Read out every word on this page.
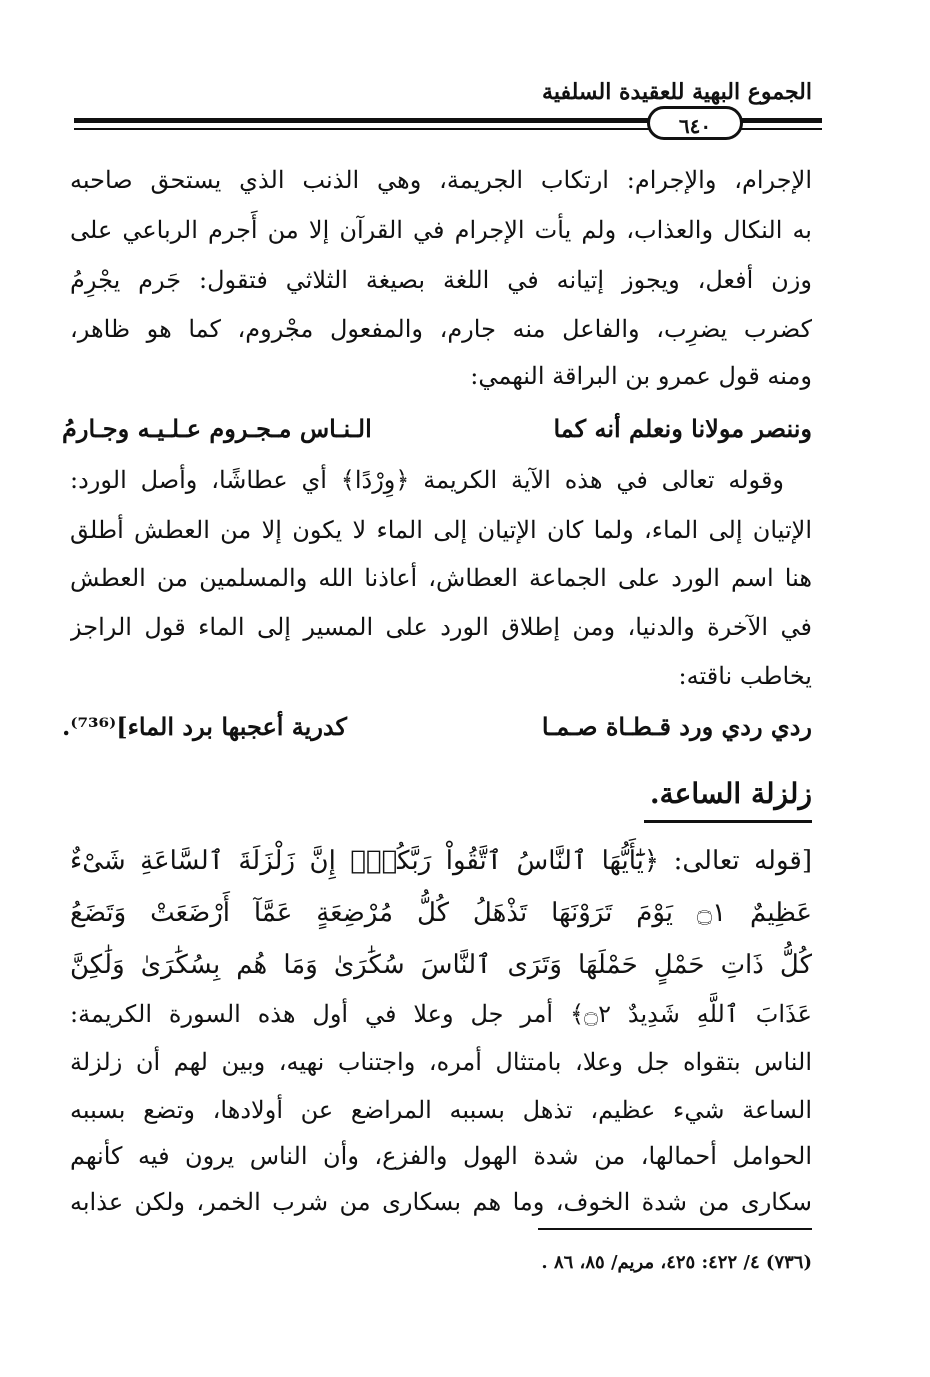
الجموع البهية للعقيدة السلفية
٦٤٠
الإجرام، والإجرام: ارتكاب الجريمة، وهي الذنب الذي يستحق صاحبه
به النكال والعذاب، ولم يأت الإجرام في القرآن إلا من أَجرم الرباعي على
وزن أفعل، ويجوز إتيانه في اللغة بصيغة الثلاثي فتقول: جَرم يجْرِمُ
كضرب يضرِب، والفاعل منه جارم، والمفعول مجْروم، كما هو ظاهر،
ومنه قول عمرو بن البراقة النهمي:
وننصر مولانا ونعلم أنه كما
الـنـاس مـجـروم عـلـيـه وجـارمُ
وقوله تعالى في هذه الآية الكريمة ﴿وِرْدًا﴾ أي عطاشًا، وأصل الورد:
الإتيان إلى الماء، ولما كان الإتيان إلى الماء لا يكون إلا من العطش أطلق
هنا اسم الورد على الجماعة العطاش، أعاذنا الله والمسلمين من العطش
في الآخرة والدنيا، ومن إطلاق الورد على المسير إلى الماء قول الراجز
يخاطب ناقته:
ردي ردي ورد قـطـاة صـمـا
كدرية أعجبها برد الماء]⁽⁷³⁶⁾.
زلزلة الساعة.
[قوله تعالى: ﴿يَٰٓأَيُّهَا ٱلنَّاسُ ٱتَّقُواْ رَبَّكُمْۚ إِنَّ زَلْزَلَةَ ٱلسَّاعَةِ شَىْءٌ
عَظِيمٌ ۝١ يَوْمَ تَرَوْنَهَا تَذْهَلُ كُلُّ مُرْضِعَةٍ عَمَّآ أَرْضَعَتْ وَتَضَعُ
كُلُّ ذَاتِ حَمْلٍ حَمْلَهَا وَتَرَى ٱلنَّاسَ سُكَٰرَىٰ وَمَا هُم بِسُكَٰرَىٰ وَلَٰكِنَّ
عَذَابَ ٱللَّهِ شَدِيدٌ ۝٢﴾ أمر جل وعلا في أول هذه السورة الكريمة:
الناس بتقواه جل وعلا، بامتثال أمره، واجتناب نهيه، وبين لهم أن زلزلة
الساعة شيء عظيم، تذهل بسببه المراضع عن أولادها، وتضع بسببه
الحوامل أحمالها، من شدة الهول والفزع، وأن الناس يرون فيه كأنهم
سكارى من شدة الخوف، وما هم بسكارى من شرب الخمر، ولكن عذابه
(٧٣٦) ٤/ ٤٢٢: ٤٢٥، مريم/ ٨٥، ٨٦ .
